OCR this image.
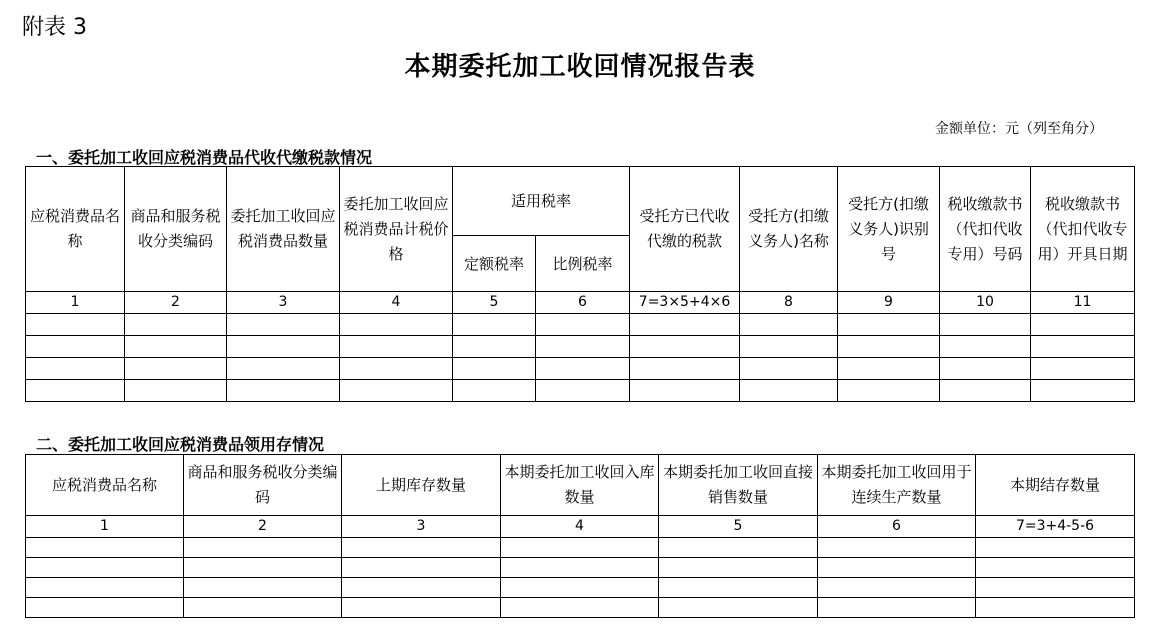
附表 3
本期委托加工收回情况报告表
金额单位：元（列至角分）
一、委托加工收回应税消费品代收代缴税款情况
应税消费品名称	商品和服务税收分类编码	委托加工收回应税消费品数量	委托加工收回应税消费品计税价格	适用税率		受托方已代收代缴的税款	受托方(扣缴义务人)名称	受托方(扣缴义务人)识别号	税收缴款书（代扣代收专用）号码	税收缴款书（代扣代收专用）开具日期
				定额税率	比例税率					
1	2	3	4	5	6	7=3×5+4×6	8	9	10	11

二、委托加工收回应税消费品领用存情况
应税消费品名称	商品和服务税收分类编码	上期库存数量	本期委托加工收回入库数量	本期委托加工收回直接销售数量	本期委托加工收回用于连续生产数量	本期结存数量
1	2	3	4	5	6	7=3+4-5-6
